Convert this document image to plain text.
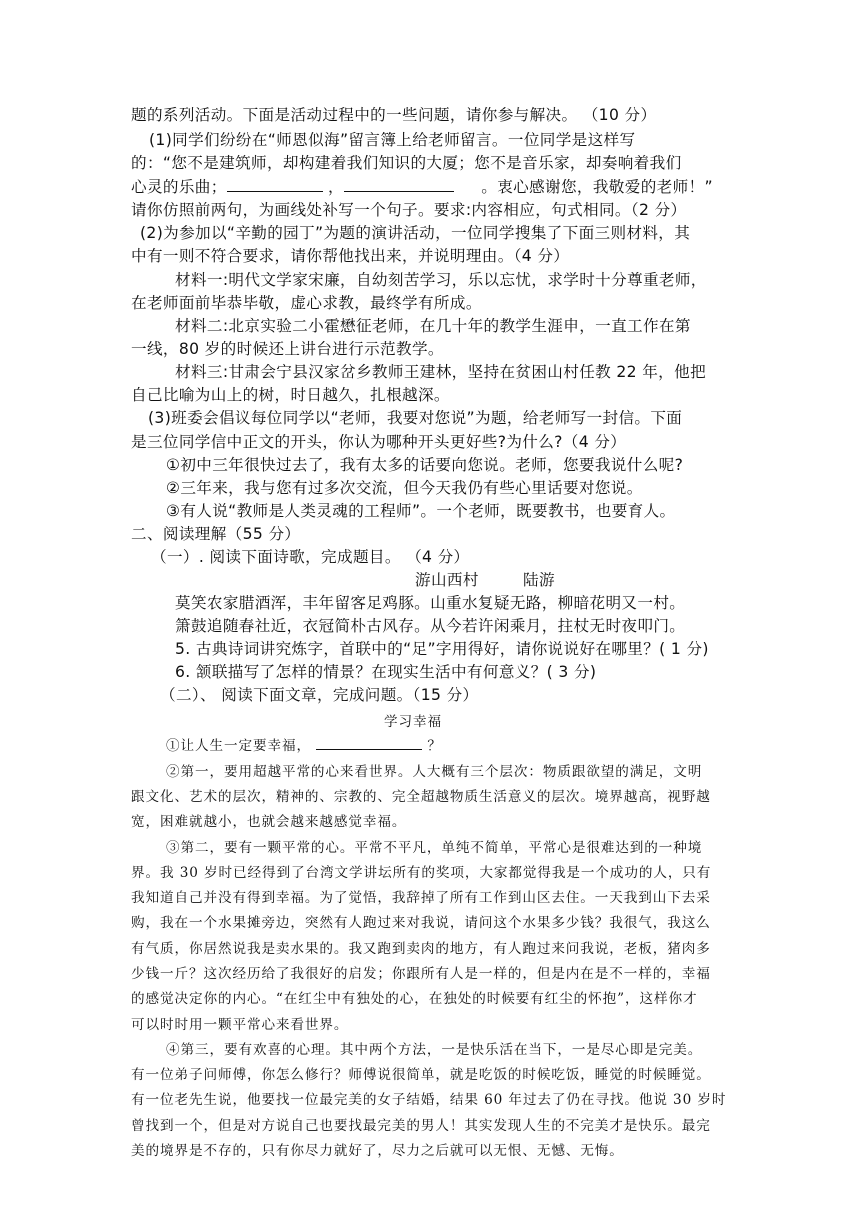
题的系列活动。下面是活动过程中的一些问题，请你参与解决。 （10 分）

(1)同学们纷纷在“师恩似海”留言簿上给老师留言。一位同学是这样写

的：“您不是建筑师，却构建着我们知识的大厦；您不是音乐家，却奏响着我们

心灵的乐曲；	，	。衷心感谢您，我敬爱的老师！”

请你仿照前两句，为画线处补写一个句子。要求:内容相应，句式相同。（2 分）

(2)为参加以“辛勤的园丁”为题的演讲活动，一位同学搜集了下面三则材料，其

中有一则不符合要求，请你帮他找出来，并说明理由。（4 分）

材料一:明代文学家宋廉，自幼刻苦学习，乐以忘忧，求学时十分尊重老师，

在老师面前毕恭毕敬，虚心求教，最终学有所成。

材料二:北京实验二小霍懋征老师，在几十年的教学生涯申，一直工作在第

一线，80 岁的时候还上讲台进行示范教学。

材料三:甘肃会宁县汉家岔乡教师王建林，坚持在贫困山村任教 22 年，他把

自己比喻为山上的树，时日越久，扎根越深。

(3)班委会倡议每位同学以“老师，我要对您说”为题，给老师写一封信。下面

是三位同学信中正文的开头，你认为哪种开头更好些?为什么?（4 分）

①初中三年很快过去了，我有太多的话要向您说。老师，您要我说什么呢?

②三年来，我与您有过多次交流，但今天我仍有些心里话要对您说。

③有人说“教师是人类灵魂的工程师”。一个老师，既要教书，也要育人。

二、阅读理解（55 分）

（一）. 阅读下面诗歌，完成题目。 （4 分）

游山西村	陆游

莫笑农家腊酒浑，丰年留客足鸡豚。山重水复疑无路，柳暗花明又一村。

箫鼓追随春社近，衣冠简朴古风存。从今若许闲乘月，拄杖无时夜叩门。

5. 古典诗词讲究炼字，首联中的“足”字用得好，请你说说好在哪里？( 1 分)

6. 颔联描写了怎样的情景？在现实生活中有何意义？( 3 分)

（二）、 阅读下面文章，完成问题。（15 分）

学习幸福

①让人生一定要幸福，	？

②第一，要用超越平常的心来看世界。人大概有三个层次：物质跟欲望的满足，文明

跟文化、艺术的层次，精神的、宗教的、完全超越物质生活意义的层次。境界越高，视野越

宽，困难就越小，也就会越来越感觉幸福。

③第二，要有一颗平常的心。平常不平凡，单纯不简单，平常心是很难达到的一种境

界。我 30 岁时已经得到了台湾文学讲坛所有的奖项，大家都觉得我是一个成功的人，只有

我知道自己并没有得到幸福。为了觉悟，我辞掉了所有工作到山区去住。一天我到山下去采

购，我在一个水果摊旁边，突然有人跑过来对我说，请问这个水果多少钱？我很气，我这么

有气质，你居然说我是卖水果的。我又跑到卖肉的地方，有人跑过来问我说，老板，猪肉多

少钱一斤？这次经历给了我很好的启发；你跟所有人是一样的，但是内在是不一样的，幸福

的感觉决定你的内心。“在红尘中有独处的心，在独处的时候要有红尘的怀抱”，这样你才

可以时时用一颗平常心来看世界。

④第三，要有欢喜的心理。其中两个方法，一是快乐活在当下，一是尽心即是完美。

有一位弟子问师傅，你怎么修行？师傅说很简单，就是吃饭的时候吃饭，睡觉的时候睡觉。

有一位老先生说，他要找一位最完美的女子结婚，结果 60 年过去了仍在寻找。他说 30 岁时

曾找到一个，但是对方说自己也要找最完美的男人！其实发现人生的不完美才是快乐。最完

美的境界是不存的，只有你尽力就好了，尽力之后就可以无恨、无憾、无悔。
